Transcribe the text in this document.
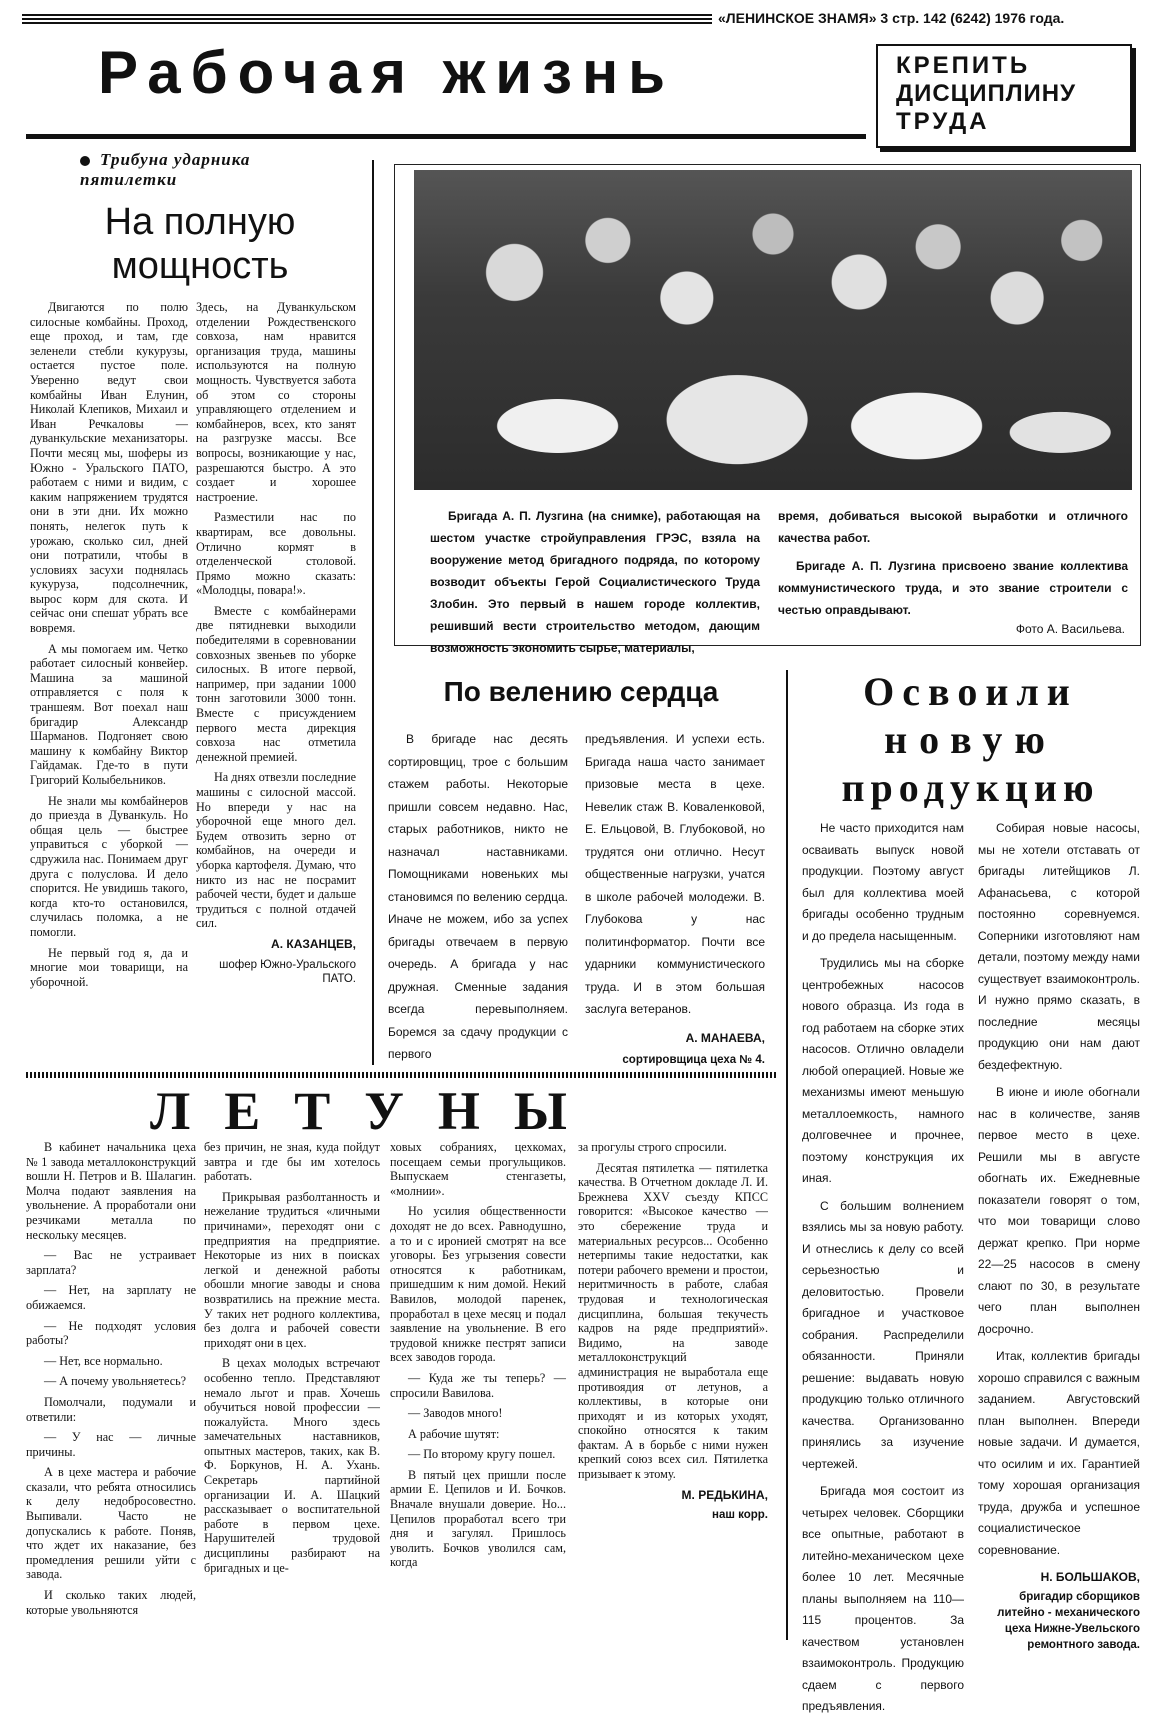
«ЛЕНИНСКОЕ ЗНАМЯ» 3 стр. 142 (6242) 1976 года.
Рабочая жизнь	КРЕПИТЬ
ДИСЦИПЛИНУ
ТРУДА
Трибуна ударника пятилетки
На полную
мощность

Двигаются по полю силосные комбайны. Проход, еще проход, и там, где зеленели стебли кукурузы, остается пустое поле. Уверенно ведут свои комбайны Иван Елунин, Николай Клепиков, Михаил и Иван Речкаловы — дуванкульские механизаторы. Почти месяц мы, шоферы из Южно - Уральского ПАТО, работаем с ними и видим, с каким напряжением трудятся они в эти дни. Их можно понять, нелегок путь к урожаю, сколько сил, дней они потратили, чтобы в условиях засухи поднялась кукуруза, подсолнечник, вырос корм для скота. И сейчас они спешат убрать все вовремя.

А мы помогаем им. Четко работает силосный конвейер. Машина за машиной отправляется с поля к траншеям. Вот поехал наш бригадир Александр Шарманов. Подгоняет свою машину к комбайну Виктор Гайдамак. Где-то в пути Григорий Колыбельников.

Не знали мы комбайнеров до приезда в Дуванкуль. Но общая цель — быстрее управиться с уборкой — сдружила нас. Понимаем друг друга с полуслова. И дело спорится. Не увидишь такого, когда кто-то остановился, случилась поломка, а не помогли.

Не первый год я, да и многие мои товарищи, на уборочной.

Здесь, на Дуванкульском отделении Рождественского совхоза, нам нравится организация труда, машины используются на полную мощность. Чувствуется забота об этом со стороны управляющего отделением и комбайнеров, всех, кто занят на разгрузке массы. Все вопросы, возникающие у нас, разрешаются быстро. А это создает и хорошее настроение.

Разместили нас по квартирам, все довольны. Отлично кормят в отделенческой столовой. Прямо можно сказать: «Молодцы, повара!».

Вместе с комбайнерами две пятидневки выходили победителями в соревновании совхозных звеньев по уборке силосных. В итоге первой, например, при задании 1000 тонн заготовили 3000 тонн. Вместе с присуждением первого места дирекция совхоза нас отметила денежной премией.

На днях отвезли последние машины с силосной массой. Но впереди у нас на уборочной еще много дел. Будем отвозить зерно от комбайнов, на очереди и уборка картофеля. Думаю, что никто из нас не посрамит рабочей чести, будет и дальше трудиться с полной отдачей сил.

А. КАЗАНЦЕВ,

шофер Южно-Уральского ПАТО.

Бригада А. П. Лузгина (на снимке), работающая на шестом участке стройуправления ГРЭС, взяла на вооружение метод бригадного подряда, по которому возводит объекты Герой Социалистического Труда Злобин. Это первый в нашем городе коллектив, решивший вести строительство методом, дающим возможность экономить сырье, материалы,

время, добиваться высокой выработки и отличного качества работ.

Бригаде А. П. Лузгина присвоено звание коллектива коммунистического труда, и это звание строители с честью оправдывают.

Фото А. Васильева.
По велению сердца

В бригаде нас десять сортировщиц, трое с большим стажем работы. Некоторые пришли совсем недавно. Нас, старых работников, никто не назначал наставниками. Помощниками новеньких мы становимся по велению сердца. Иначе не можем, ибо за успех бригады отвечаем в первую очередь. А бригада у нас дружная. Сменные задания всегда перевыполняем. Боремся за сдачу продукции с первого

предъявления. И успехи есть. Бригада наша часто занимает призовые места в цехе. Невелик стаж В. Коваленковой, Е. Ельцовой, В. Глубоковой, но трудятся они отлично. Несут общественные нагрузки, учатся в школе рабочей молодежи. В. Глубокова у нас политинформатор. Почти все ударники коммунистического труда. И в этом большая заслуга ветеранов.

А. МАНАЕВА,

сортировщица цеха № 4.

Освоили
новую
продукцию

Не часто приходится нам осваивать выпуск новой продукции. Поэтому август был для коллектива моей бригады особенно трудным и до предела насыщенным.

Трудились мы на сборке центробежных насосов нового образца. Из года в год работаем на сборке этих насосов. Отлично овладели любой операцией. Новые же механизмы имеют меньшую металлоемкость, намного долговечнее и прочнее, поэтому конструкция их иная.

С большим волнением взялись мы за новую работу. И отнеслись к делу со всей серьезностью и деловитостью. Провели бригадное и участковое собрания. Распределили обязанности. Приняли решение: выдавать новую продукцию только отличного качества. Организованно принялись за изучение чертежей.

Бригада моя состоит из четырех человек. Сборщики все опытные, работают в литейно-механическом цехе более 10 лет. Месячные планы выполняем на 110—115 процентов. За качеством установлен взаимоконтроль. Продукцию сдаем с первого предъявления.

Собирая новые насосы, мы не хотели отставать от бригады литейщиков Л. Афанасьева, с которой постоянно соревнуемся. Соперники изготовляют нам детали, поэтому между нами существует взаимоконтроль. И нужно прямо сказать, в последние месяцы продукцию они нам дают бездефектную.

В июне и июле обогнали нас в количестве, заняв первое место в цехе. Решили мы в августе обогнать их. Ежедневные показатели говорят о том, что мои товарищи слово держат крепко. При норме 22—25 насосов в смену слают по 30, в результате чего план выполнен досрочно.

Итак, коллектив бригады хорошо справился с важным заданием. Августовский план выполнен. Впереди новые задачи. И думается, что осилим и их. Гарантией тому хорошая организация труда, дружба и успешное социалистическое соревнование.

Н. БОЛЬШАКОВ,

бригадир сборщиков литейно - механического цеха Нижне-Увельского ремонтного завода.

ЛЕТУНЫ

В кабинет начальника цеха № 1 завода металлоконструкций вошли Н. Петров и В. Шалагин. Молча подают заявления на увольнение. А проработали они резчиками металла по нескольку месяцев.

— Вас не устраивает зарплата?

— Нет, на зарплату не обижаемся.

— Не подходят условия работы?

— Нет, все нормально.

— А почему увольняетесь?

Помолчали, подумали и ответили:

— У нас — личные причины.

А в цехе мастера и рабочие сказали, что ребята относились к делу недобросовестно. Выпивали. Часто не допускались к работе. Поняв, что ждет их наказание, без промедления решили уйти с завода.

И сколько таких людей, которые увольняются

без причин, не зная, куда пойдут завтра и где бы им хотелось работать.

Прикрывая разболтанность и нежелание трудиться «личными причинами», переходят они с предприятия на предприятие. Некоторые из них в поисках легкой и денежной работы обошли многие заводы и снова возвратились на прежние места. У таких нет родного коллектива, без долга и рабочей совести приходят они в цех.

В цехах молодых встречают особенно тепло. Представляют немало льгот и прав. Хочешь обучиться новой профессии — пожалуйста. Много здесь замечательных наставников, опытных мастеров, таких, как В. Ф. Боркунов, Н. А. Ухань. Секретарь партийной организации И. А. Шацкий рассказывает о воспитательной работе в первом цехе. Нарушителей трудовой дисциплины разбирают на бригадных и це-

ховых собраниях, цехкомах, посещаем семьи прогульщиков. Выпускаем стенгазеты, «молнии».

Но усилия общественности доходят не до всех. Равнодушно, а то и с иронией смотрят на все уговоры. Без угрызения совести относятся к работникам, пришедшим к ним домой. Некий Вавилов, молодой паренек, проработал в цехе месяц и подал заявление на увольнение. В его трудовой книжке пестрят записи всех заводов города.

— Куда же ты теперь? — спросили Вавилова.

— Заводов много!

А рабочие шутят:

— По второму кругу пошел.

В пятый цех пришли после армии Е. Цепилов и И. Бочков. Вначале внушали доверие. Но... Цепилов проработал всего три дня и загулял. Пришлось уволить. Бочков уволился сам, когда

за прогулы строго спросили.

Десятая пятилетка — пятилетка качества. В Отчетном докладе Л. И. Брежнева XXV съезду КПСС говорится: «Высокое качество — это сбережение труда и материальных ресурсов... Особенно нетерпимы такие недостатки, как потери рабочего времени и простои, неритмичность в работе, слабая трудовая и технологическая дисциплина, большая текучесть кадров на ряде предприятий». Видимо, на заводе металлоконструкций администрация не выработала еще противоядия от летунов, а коллективы, в которые они приходят и из которых уходят, спокойно относятся к таким фактам. А в борьбе с ними нужен крепкий союз всех сил. Пятилетка призывает к этому.

М. РЕДЬКИНА,

наш корр.
